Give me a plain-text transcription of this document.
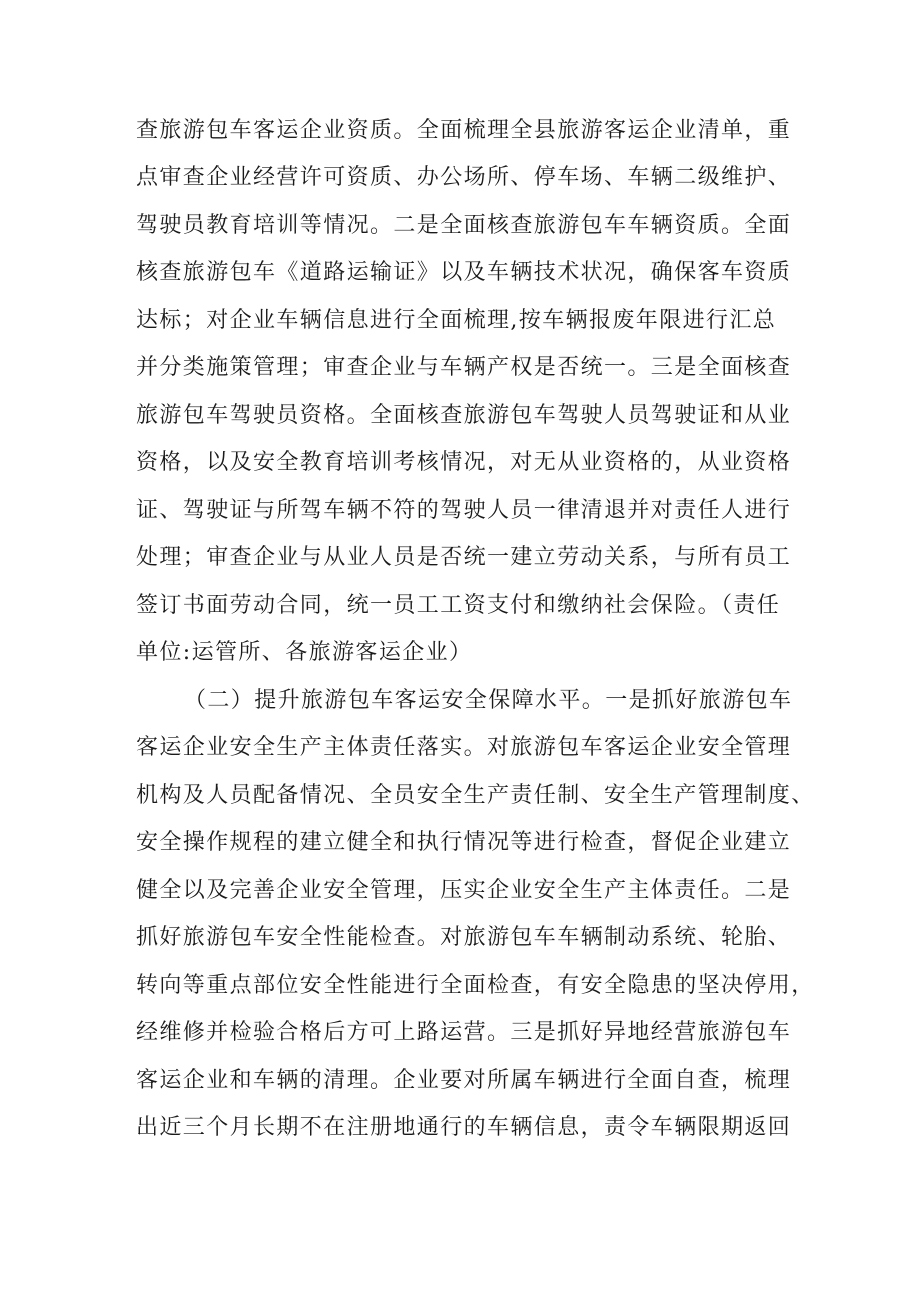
查旅游包车客运企业资质。全面梳理全县旅游客运企业清单，重
点审查企业经营许可资质、办公场所、停车场、车辆二级维护、
驾驶员教育培训等情况。二是全面核查旅游包车车辆资质。全面
核查旅游包车《道路运输证》以及车辆技术状况，确保客车资质
达标；对企业车辆信息进行全面梳理,按车辆报废年限进行汇总
并分类施策管理；审查企业与车辆产权是否统一。三是全面核查
旅游包车驾驶员资格。全面核查旅游包车驾驶人员驾驶证和从业
资格，以及安全教育培训考核情况，对无从业资格的，从业资格
证、驾驶证与所驾车辆不符的驾驶人员一律清退并对责任人进行
处理；审查企业与从业人员是否统一建立劳动关系，与所有员工
签订书面劳动合同，统一员工工资支付和缴纳社会保险。（责任
单位:运管所、各旅游客运企业）
（二）提升旅游包车客运安全保障水平。一是抓好旅游包车
客运企业安全生产主体责任落实。对旅游包车客运企业安全管理
机构及人员配备情况、全员安全生产责任制、安全生产管理制度、
安全操作规程的建立健全和执行情况等进行检查，督促企业建立
健全以及完善企业安全管理，压实企业安全生产主体责任。二是
抓好旅游包车安全性能检查。对旅游包车车辆制动系统、轮胎、
转向等重点部位安全性能进行全面检查，有安全隐患的坚决停用，
经维修并检验合格后方可上路运营。三是抓好异地经营旅游包车
客运企业和车辆的清理。企业要对所属车辆进行全面自查，梳理
出近三个月长期不在注册地通行的车辆信息，责令车辆限期返回
